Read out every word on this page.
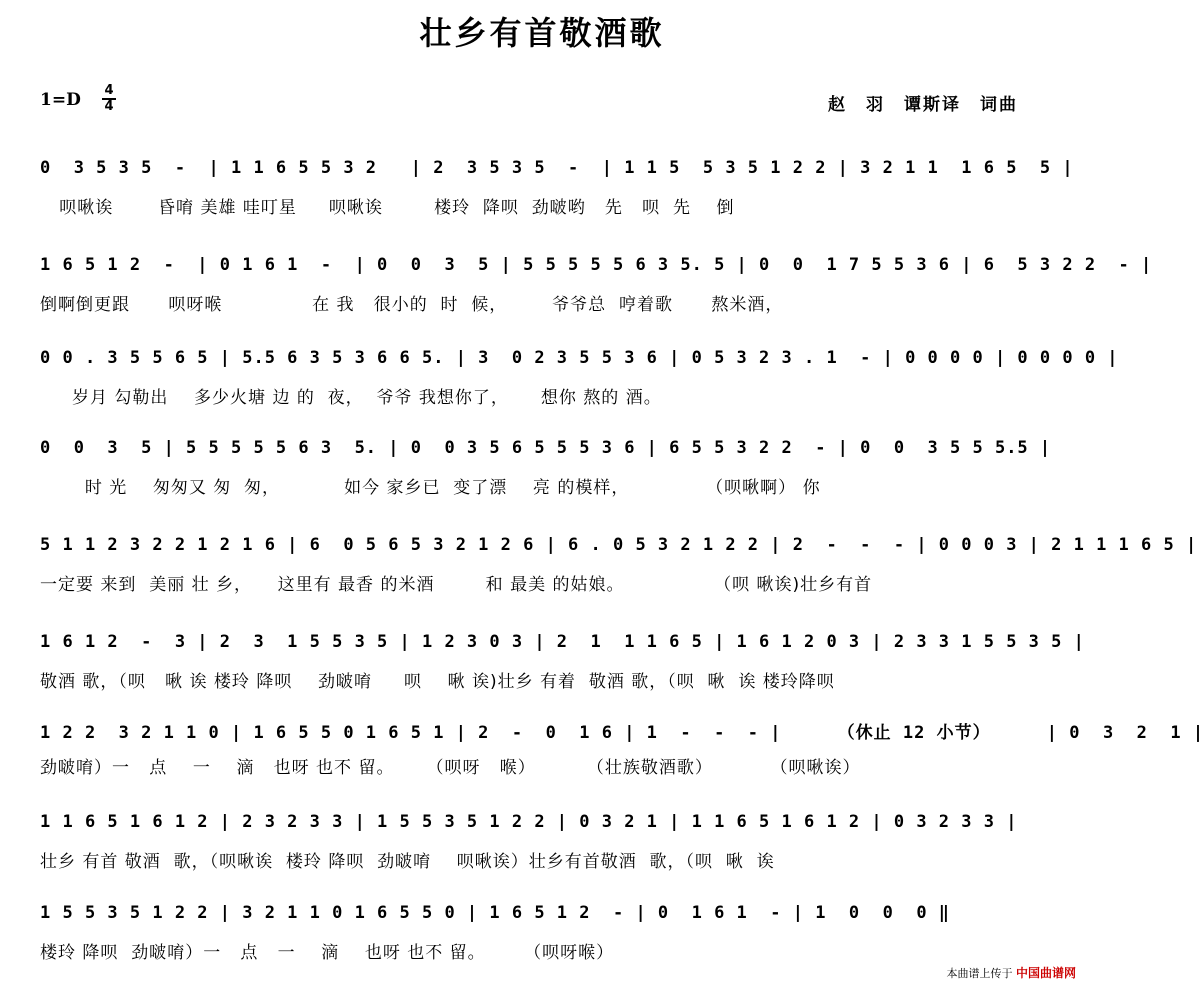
壮乡有首敬酒歌
1=D	4
4	赵　羽　谭斯译　词曲
0  3 5 3 5  -  | 1 1 6 5 5 3 2   | 2  3 5 3 5  -  | 1 1 5  5 3 5 1 2 2 | 3 2 1 1  1 6 5  5 |
呗啾诶       昏唷 美雄 哇叮星     呗啾诶        楼玲  降呗  劲啵哟   先   呗  先    倒
1 6 5 1 2  -  | 0 1 6 1  -  | 0  0  3  5 | 5 5 5 5 5 6 3 5. 5 | 0  0  1 7 5 5 3 6 | 6  5 3 2 2  - |
倒啊倒更跟      呗呀喉              在 我   很小的  时  候，       爷爷总  哼着歌      熬米酒，
0 0 . 3 5 5 6 5 | 5.5 6 3 5 3 6 6 5. | 3  0 2 3 5 5 3 6 | 0 5 3 2 3 . 1  - | 0 0 0 0 | 0 0 0 0 |
岁月 勾勒出    多少火塘 边 的  夜，  爷爷 我想你了，     想你 熬的 酒。
0  0  3  5 | 5 5 5 5 5 6 3  5. | 0  0 3 5 6 5 5 5 3 6 | 6 5 5 3 2 2  - | 0  0  3 5 5 5.5 |
时 光    匆匆又 匆  匆，          如今 家乡已  变了漂    亮 的模样，            （呗啾啊） 你
5 1 1 2 3 2 2 1 2 1 6 | 6  0 5 6 5 3 2 1 2 6 | 6 . 0 5 3 2 1 2 2 | 2  -  -  - | 0 0 0 3 | 2 1 1 1 6 5 |
一定要 来到  美丽 壮 乡，    这里有 最香 的米酒        和 最美 的姑娘。              （呗 啾诶)壮乡有首
1 6 1 2  -  3 | 2  3  1 5 5 3 5 | 1 2 3 0 3 | 2  1  1 1 6 5 | 1 6 1 2 0 3 | 2 3 3 1 5 5 3 5 |
敬酒 歌，（呗   啾 诶 楼玲 降呗    劲啵唷     呗    啾 诶)壮乡 有着  敬酒 歌，（呗  啾  诶 楼玲降呗
1 2 2  3 2 1 1 0 | 1 6 5 5 0 1 6 5 1 | 2  -  0  1 6 | 1  -  -  - |     （休止 12 小节）     | 0  3  2  1 |
劲啵唷）一   点    一    滴   也呀 也不 留。     （呗呀   喉）        （壮族敬酒歌）         （呗啾诶）
1 1 6 5 1 6 1 2 | 2 3 2 3 3 | 1 5 5 3 5 1 2 2 | 0 3 2 1 | 1 1 6 5 1 6 1 2 | 0 3 2 3 3 |
壮乡 有首 敬酒  歌，（呗啾诶  楼玲 降呗  劲啵唷    呗啾诶）壮乡有首敬酒  歌，（呗  啾  诶
1 5 5 3 5 1 2 2 | 3 2 1 1 0 1 6 5 5 0 | 1 6 5 1 2  - | 0  1 6 1  - | 1  0  0  0 ‖
楼玲 降呗  劲啵唷）一   点   一    滴    也呀 也不 留。      （呗呀喉）
本曲谱上传于 中国曲谱网
